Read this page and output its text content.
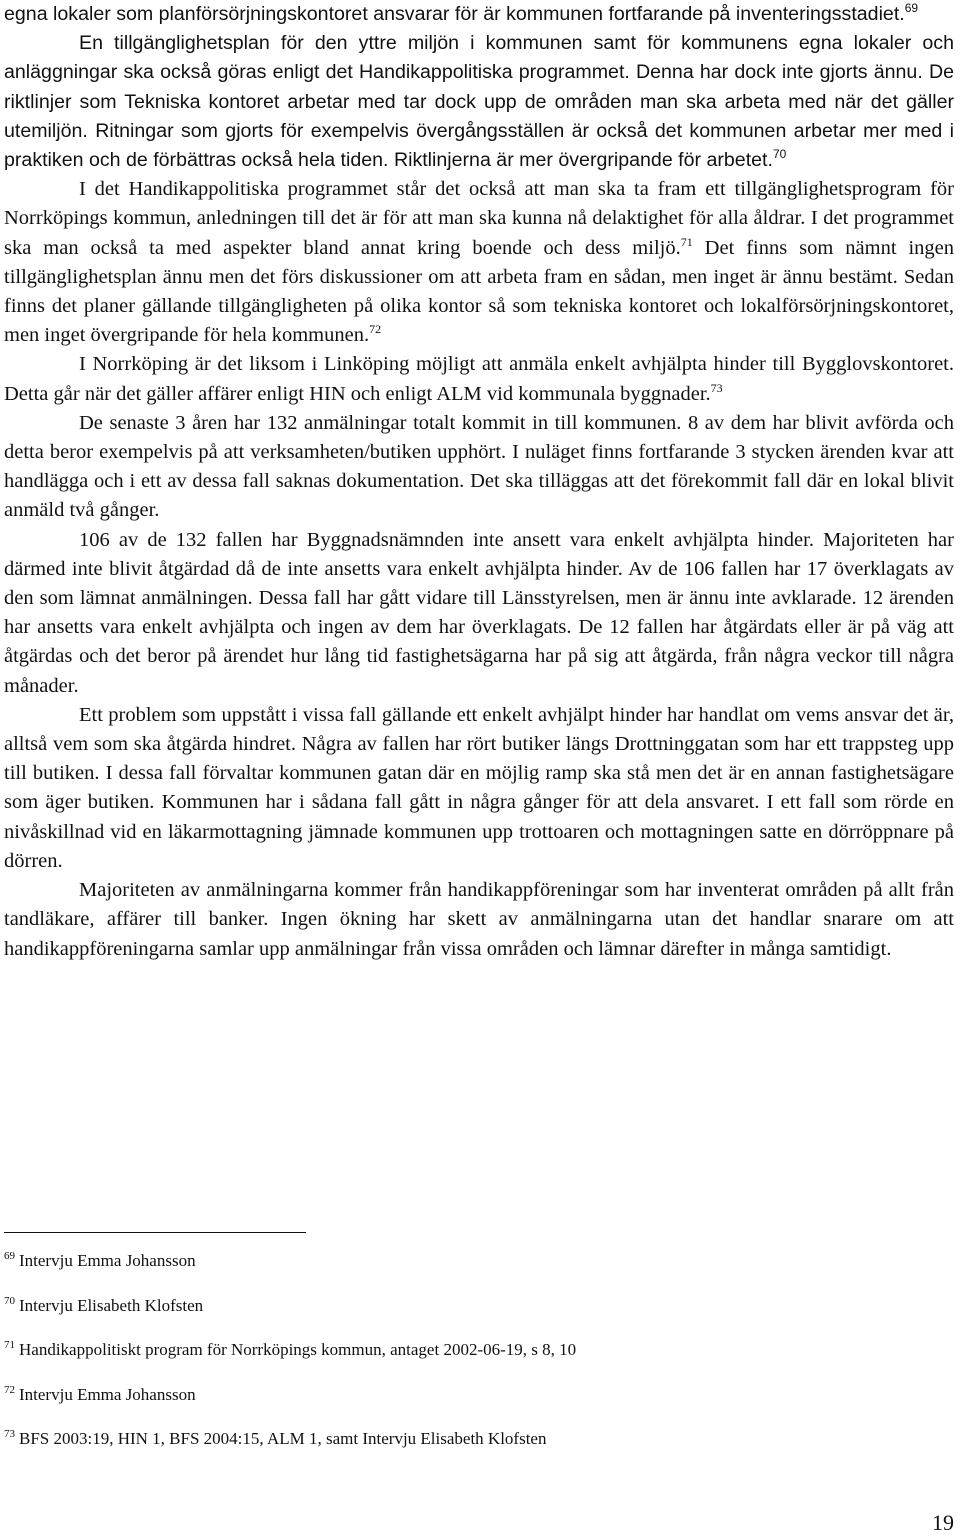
egna lokaler som planförsörjningskontoret ansvarar för är kommunen fortfarande på inventeringsstadiet.$^{69}$

En tillgänglighetsplan för den yttre miljön i kommunen samt för kommunens egna lokaler och anläggningar ska också göras enligt det Handikappolitiska programmet. Denna har dock inte gjorts ännu. De riktlinjer som Tekniska kontoret arbetar med tar dock upp de områden man ska arbeta med när det gäller utemiljön. Ritningar som gjorts för exempelvis övergångsställen är också det kommunen arbetar mer med i praktiken och de förbättras också hela tiden. Riktlinjerna är mer övergripande för arbetet.$^{70}$

I det Handikappolitiska programmet står det också att man ska ta fram ett tillgänglighetsprogram för Norrköpings kommun, anledningen till det är för att man ska kunna nå delaktighet för alla åldrar. I det programmet ska man också ta med aspekter bland annat kring boende och dess miljö.$^{71}$ Det finns som nämnt ingen tillgänglighetsplan ännu men det förs diskussioner om att arbeta fram en sådan, men inget är ännu bestämt. Sedan finns det planer gällande tillgängligheten på olika kontor så som tekniska kontoret och lokalförsörjningskontoret, men inget övergripande för hela kommunen.$^{72}$

I Norrköping är det liksom i Linköping möjligt att anmäla enkelt avhjälpta hinder till Bygglovskontoret. Detta går när det gäller affärer enligt HIN och enligt ALM vid kommunala byggnader.$^{73}$

De senaste 3 åren har 132 anmälningar totalt kommit in till kommunen. 8 av dem har blivit avförda och detta beror exempelvis på att verksamheten/butiken upphört. I nuläget finns fortfarande 3 stycken ärenden kvar att handlägga och i ett av dessa fall saknas dokumentation. Det ska tilläggas att det förekommit fall där en lokal blivit anmäld två gånger.

106 av de 132 fallen har Byggnadsnämnden inte ansett vara enkelt avhjälpta hinder. Majoriteten har därmed inte blivit åtgärdad då de inte ansetts vara enkelt avhjälpta hinder. Av de 106 fallen har 17 överklagats av den som lämnat anmälningen. Dessa fall har gått vidare till Länsstyrelsen, men är ännu inte avklarade. 12 ärenden har ansetts vara enkelt avhjälpta och ingen av dem har överklagats. De 12 fallen har åtgärdats eller är på väg att åtgärdas och det beror på ärendet hur lång tid fastighetsägarna har på sig att åtgärda, från några veckor till några månader.

Ett problem som uppstått i vissa fall gällande ett enkelt avhjälpt hinder har handlat om vems ansvar det är, alltså vem som ska åtgärda hindret. Några av fallen har rört butiker längs Drottninggatan som har ett trappsteg upp till butiken. I dessa fall förvaltar kommunen gatan där en möjlig ramp ska stå men det är en annan fastighetsägare som äger butiken. Kommunen har i sådana fall gått in några gånger för att dela ansvaret. I ett fall som rörde en nivåskillnad vid en läkarmottagning jämnade kommunen upp trottoaren och mottagningen satte en dörröppnare på dörren.

Majoriteten av anmälningarna kommer från handikappföreningar som har inventerat områden på allt från tandläkare, affärer till banker. Ingen ökning har skett av anmälningarna utan det handlar snarare om att handikappföreningarna samlar upp anmälningar från vissa områden och lämnar därefter in många samtidigt.

$^{69}$ Intervju Emma Johansson
$^{70}$ Intervju Elisabeth Klofsten
$^{71}$ Handikappolitiskt program för Norrköpings kommun, antaget 2002-06-19, s 8, 10
$^{72}$ Intervju Emma Johansson
$^{73}$ BFS 2003:19, HIN 1, BFS 2004:15, ALM 1, samt Intervju Elisabeth Klofsten
19
